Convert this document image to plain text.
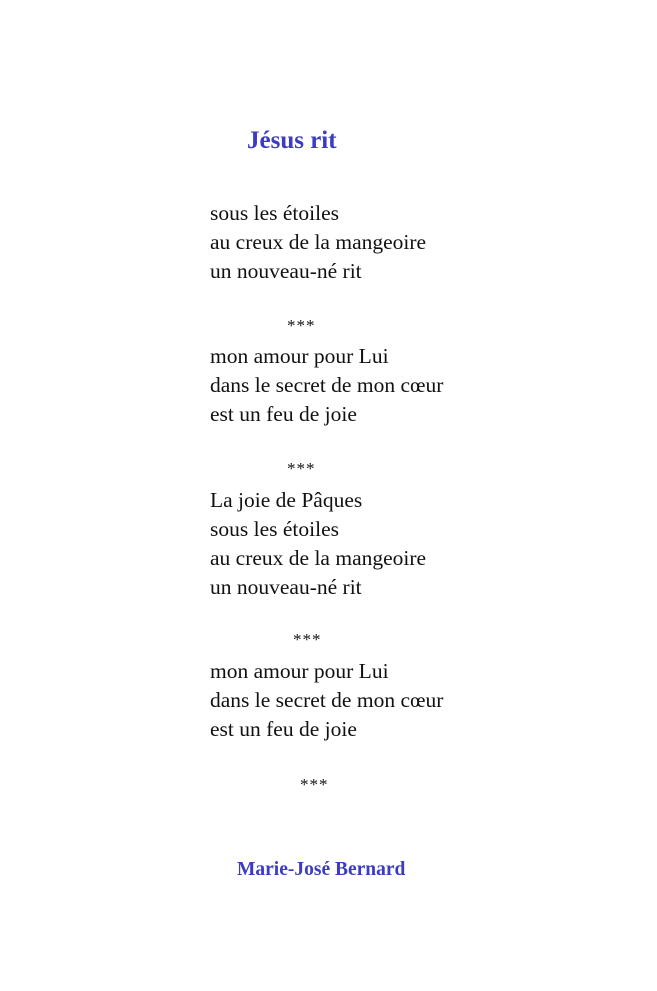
Jésus rit
sous les étoiles
au creux de la mangeoire
un nouveau-né rit
***
mon amour pour Lui
dans le secret de mon cœur
est un feu de joie
***
La joie de Pâques
sous les étoiles
au creux de la mangeoire
un nouveau-né rit
***
mon amour pour Lui
dans le secret de mon cœur
est un feu de joie
***
Marie-José Bernard
